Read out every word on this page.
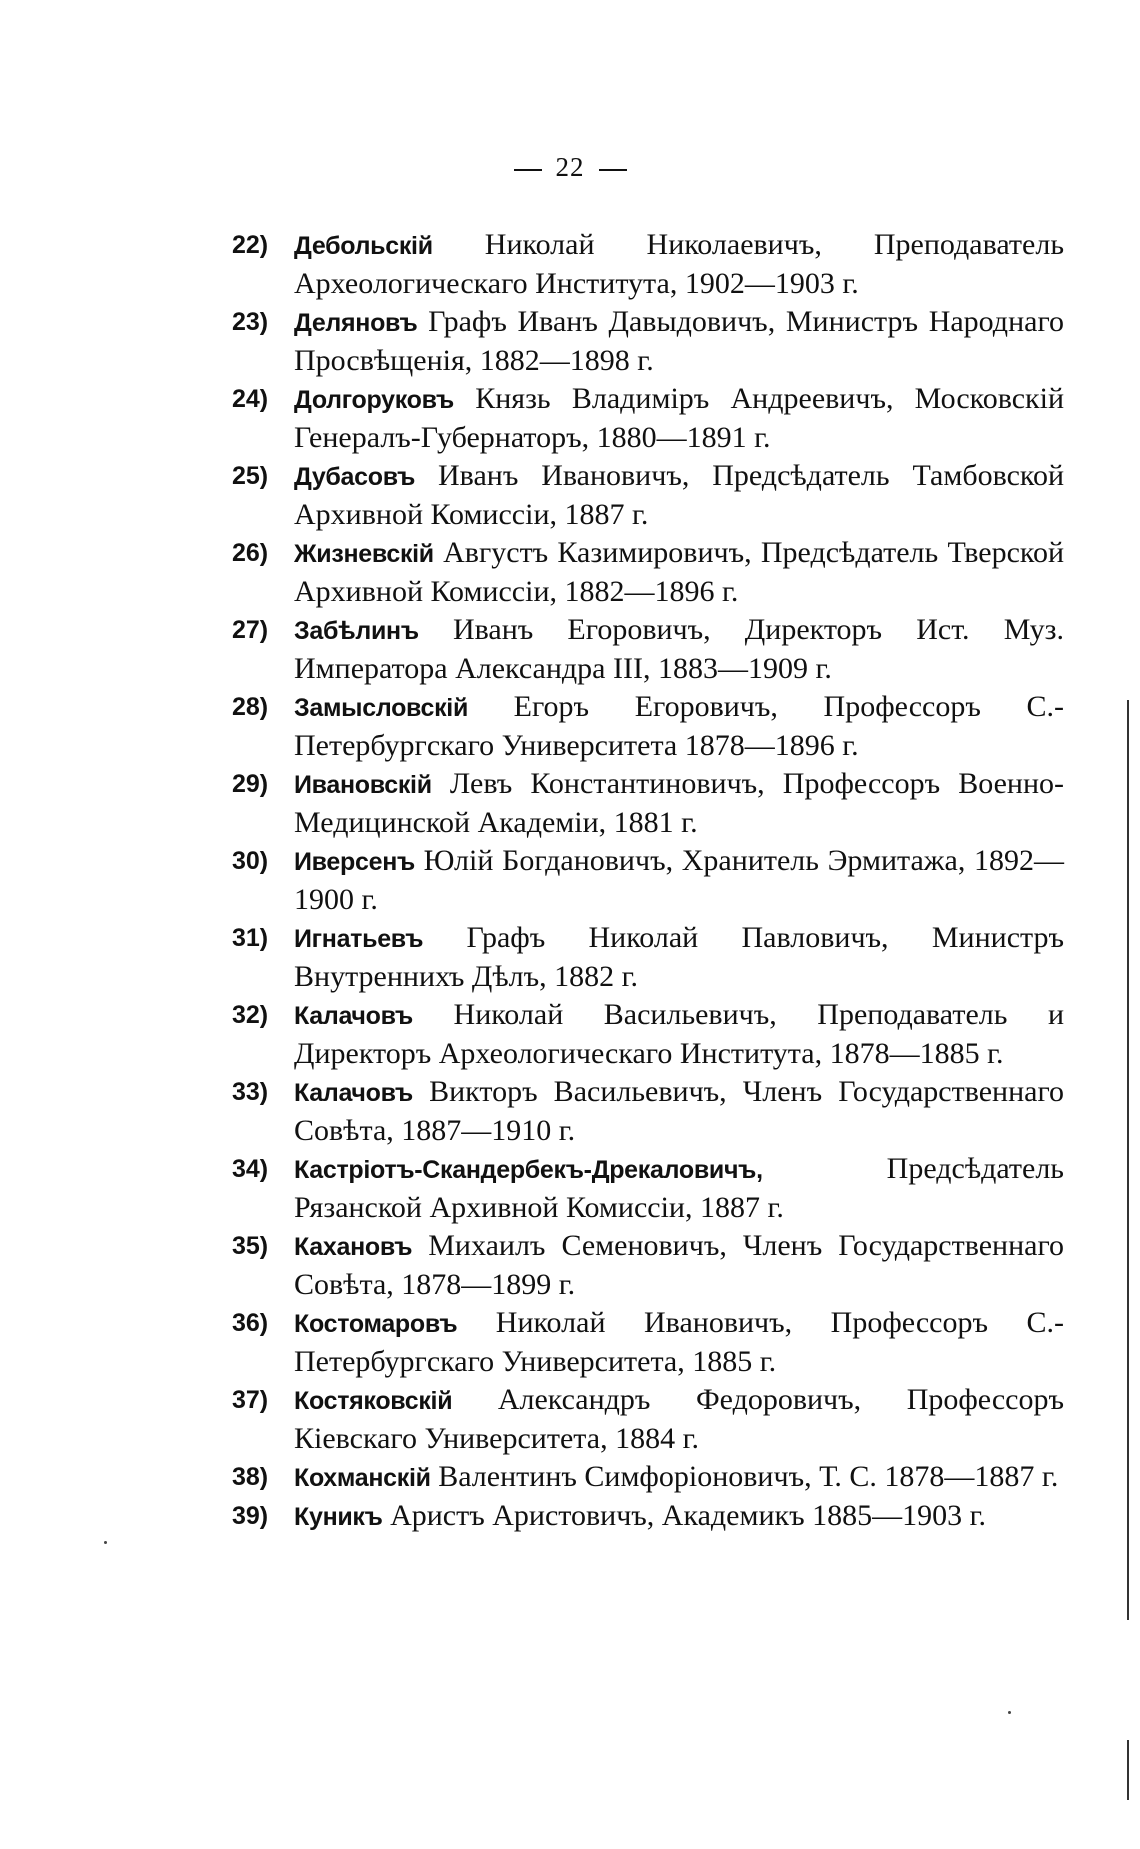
22
22) Дебольскій Николай Николаевичъ, Преподаватель Археологическаго Института, 1902—1903 г.
23) Деляновъ Графъ Иванъ Давыдовичъ, Министръ Народнаго Просвѣщенія, 1882—1898 г.
24) Долгоруковъ Князь Владиміръ Андреевичъ, Московскій Генералъ-Губернаторъ, 1880—1891 г.
25) Дубасовъ Иванъ Ивановичъ, Предсѣдатель Тамбовской Архивной Комиссіи, 1887 г.
26) Жизневскій Августъ Казимировичъ, Предсѣдатель Тверской Архивной Комиссіи, 1882—1896 г.
27) Забѣлинъ Иванъ Егоровичъ, Директоръ Ист. Муз. Императора Александра III, 1883—1909 г.
28) Замысловскій Егоръ Егоровичъ, Профессоръ С.-Петербургскаго Университета 1878—1896 г.
29) Ивановскій Левъ Константиновичъ, Профессоръ Военно-Медицинской Академіи, 1881 г.
30) Иверсенъ Юлій Богдановичъ, Хранитель Эрмитажа, 1892—1900 г.
31) Игнатьевъ Графъ Николай Павловичъ, Министръ Внутреннихъ Дѣлъ, 1882 г.
32) Калачовъ Николай Васильевичъ, Преподаватель и Директоръ Археологическаго Института, 1878—1885 г.
33) Калачовъ Викторъ Васильевичъ, Членъ Государственнаго Совѣта, 1887—1910 г.
34) Кастріотъ-Скандербекъ-Дрекаловичъ,	Предсѣдатель Рязанской Архивной Комиссіи, 1887 г.
35) Кахановъ Михаилъ Семеновичъ, Членъ Государственнаго Совѣта, 1878—1899 г.
36) Костомаровъ Николай Ивановичъ, Профессоръ С.-Петербургскаго Университета, 1885 г.
37) Костяковскій Александръ Федоровичъ, Профессоръ Кіевскаго Университета, 1884 г.
38) Кохманскій Валентинъ Симфоріоновичъ, Т. С. 1878—1887 г.
39) Куникъ Аристъ Аристовичъ, Академикъ 1885—1903 г.
